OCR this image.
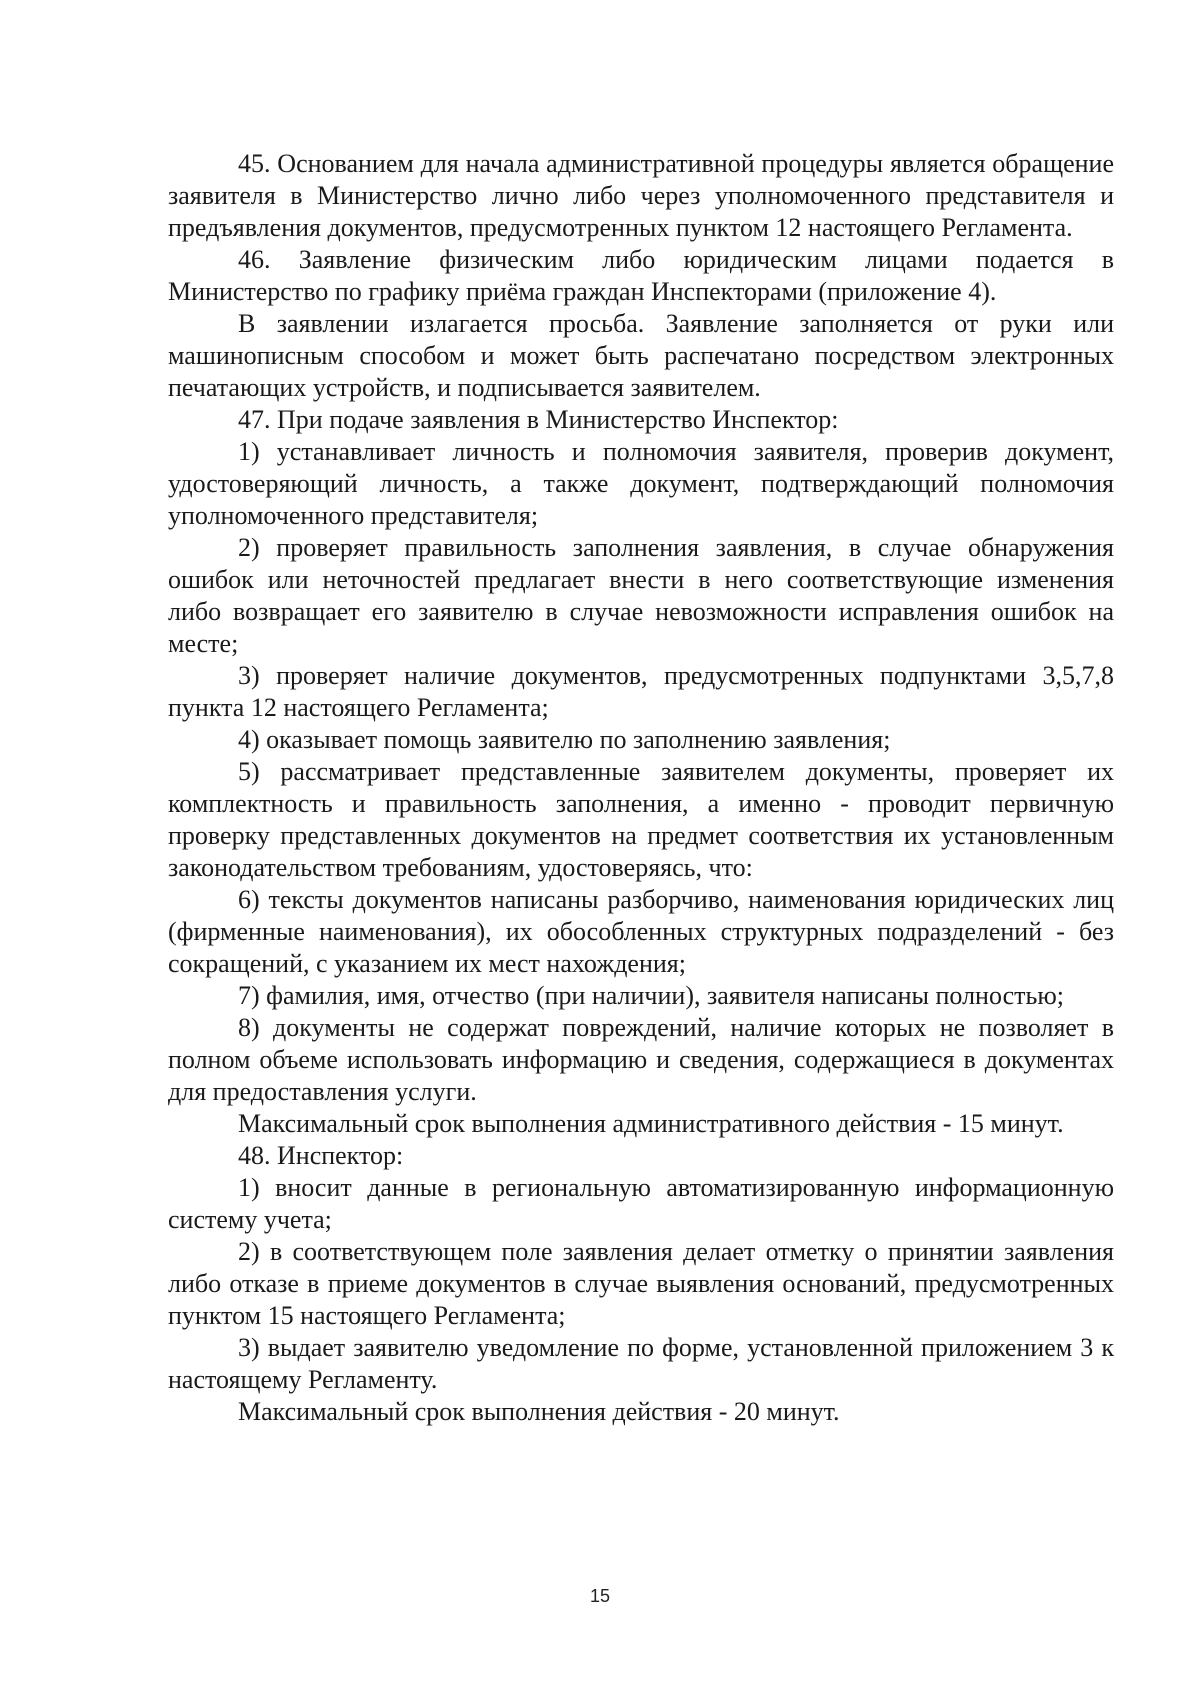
45. Основанием для начала административной процедуры является обращение заявителя в Министерство лично либо через уполномоченного представителя и предъявления документов, предусмотренных пунктом 12 настоящего Регламента.

46. Заявление физическим либо юридическим лицами подается в Министерство по графику приёма граждан Инспекторами (приложение 4).

В заявлении излагается просьба. Заявление заполняется от руки или машинописным способом и может быть распечатано посредством электронных печатающих устройств, и подписывается заявителем.

47. При подаче заявления в Министерство Инспектор:

1) устанавливает личность и полномочия заявителя, проверив документ, удостоверяющий личность, а также документ, подтверждающий полномочия уполномоченного представителя;

2) проверяет правильность заполнения заявления, в случае обнаружения ошибок или неточностей предлагает внести в него соответствующие изменения либо возвращает его заявителю в случае невозможности исправления ошибок на месте;

3) проверяет наличие документов, предусмотренных подпунктами 3,5,7,8 пункта 12 настоящего Регламента;

4) оказывает помощь заявителю по заполнению заявления;

5) рассматривает представленные заявителем документы, проверяет их комплектность и правильность заполнения, а именно - проводит первичную проверку представленных документов на предмет соответствия их установленным законодательством требованиям, удостоверяясь, что:

6) тексты документов написаны разборчиво, наименования юридических лиц (фирменные наименования), их обособленных структурных подразделений - без сокращений, с указанием их мест нахождения;

7) фамилия, имя, отчество (при наличии), заявителя написаны полностью;

8) документы не содержат повреждений, наличие которых не позволяет в полном объеме использовать информацию и сведения, содержащиеся в документах для предоставления услуги.

Максимальный срок выполнения административного действия - 15 минут.

48. Инспектор:

1) вносит данные в региональную автоматизированную информационную систему учета;

2) в соответствующем поле заявления делает отметку о принятии заявления либо отказе в приеме документов в случае выявления оснований, предусмотренных пунктом 15 настоящего Регламента;

3) выдает заявителю уведомление по форме, установленной приложением 3 к настоящему Регламенту.

Максимальный срок выполнения действия - 20 минут.

15
